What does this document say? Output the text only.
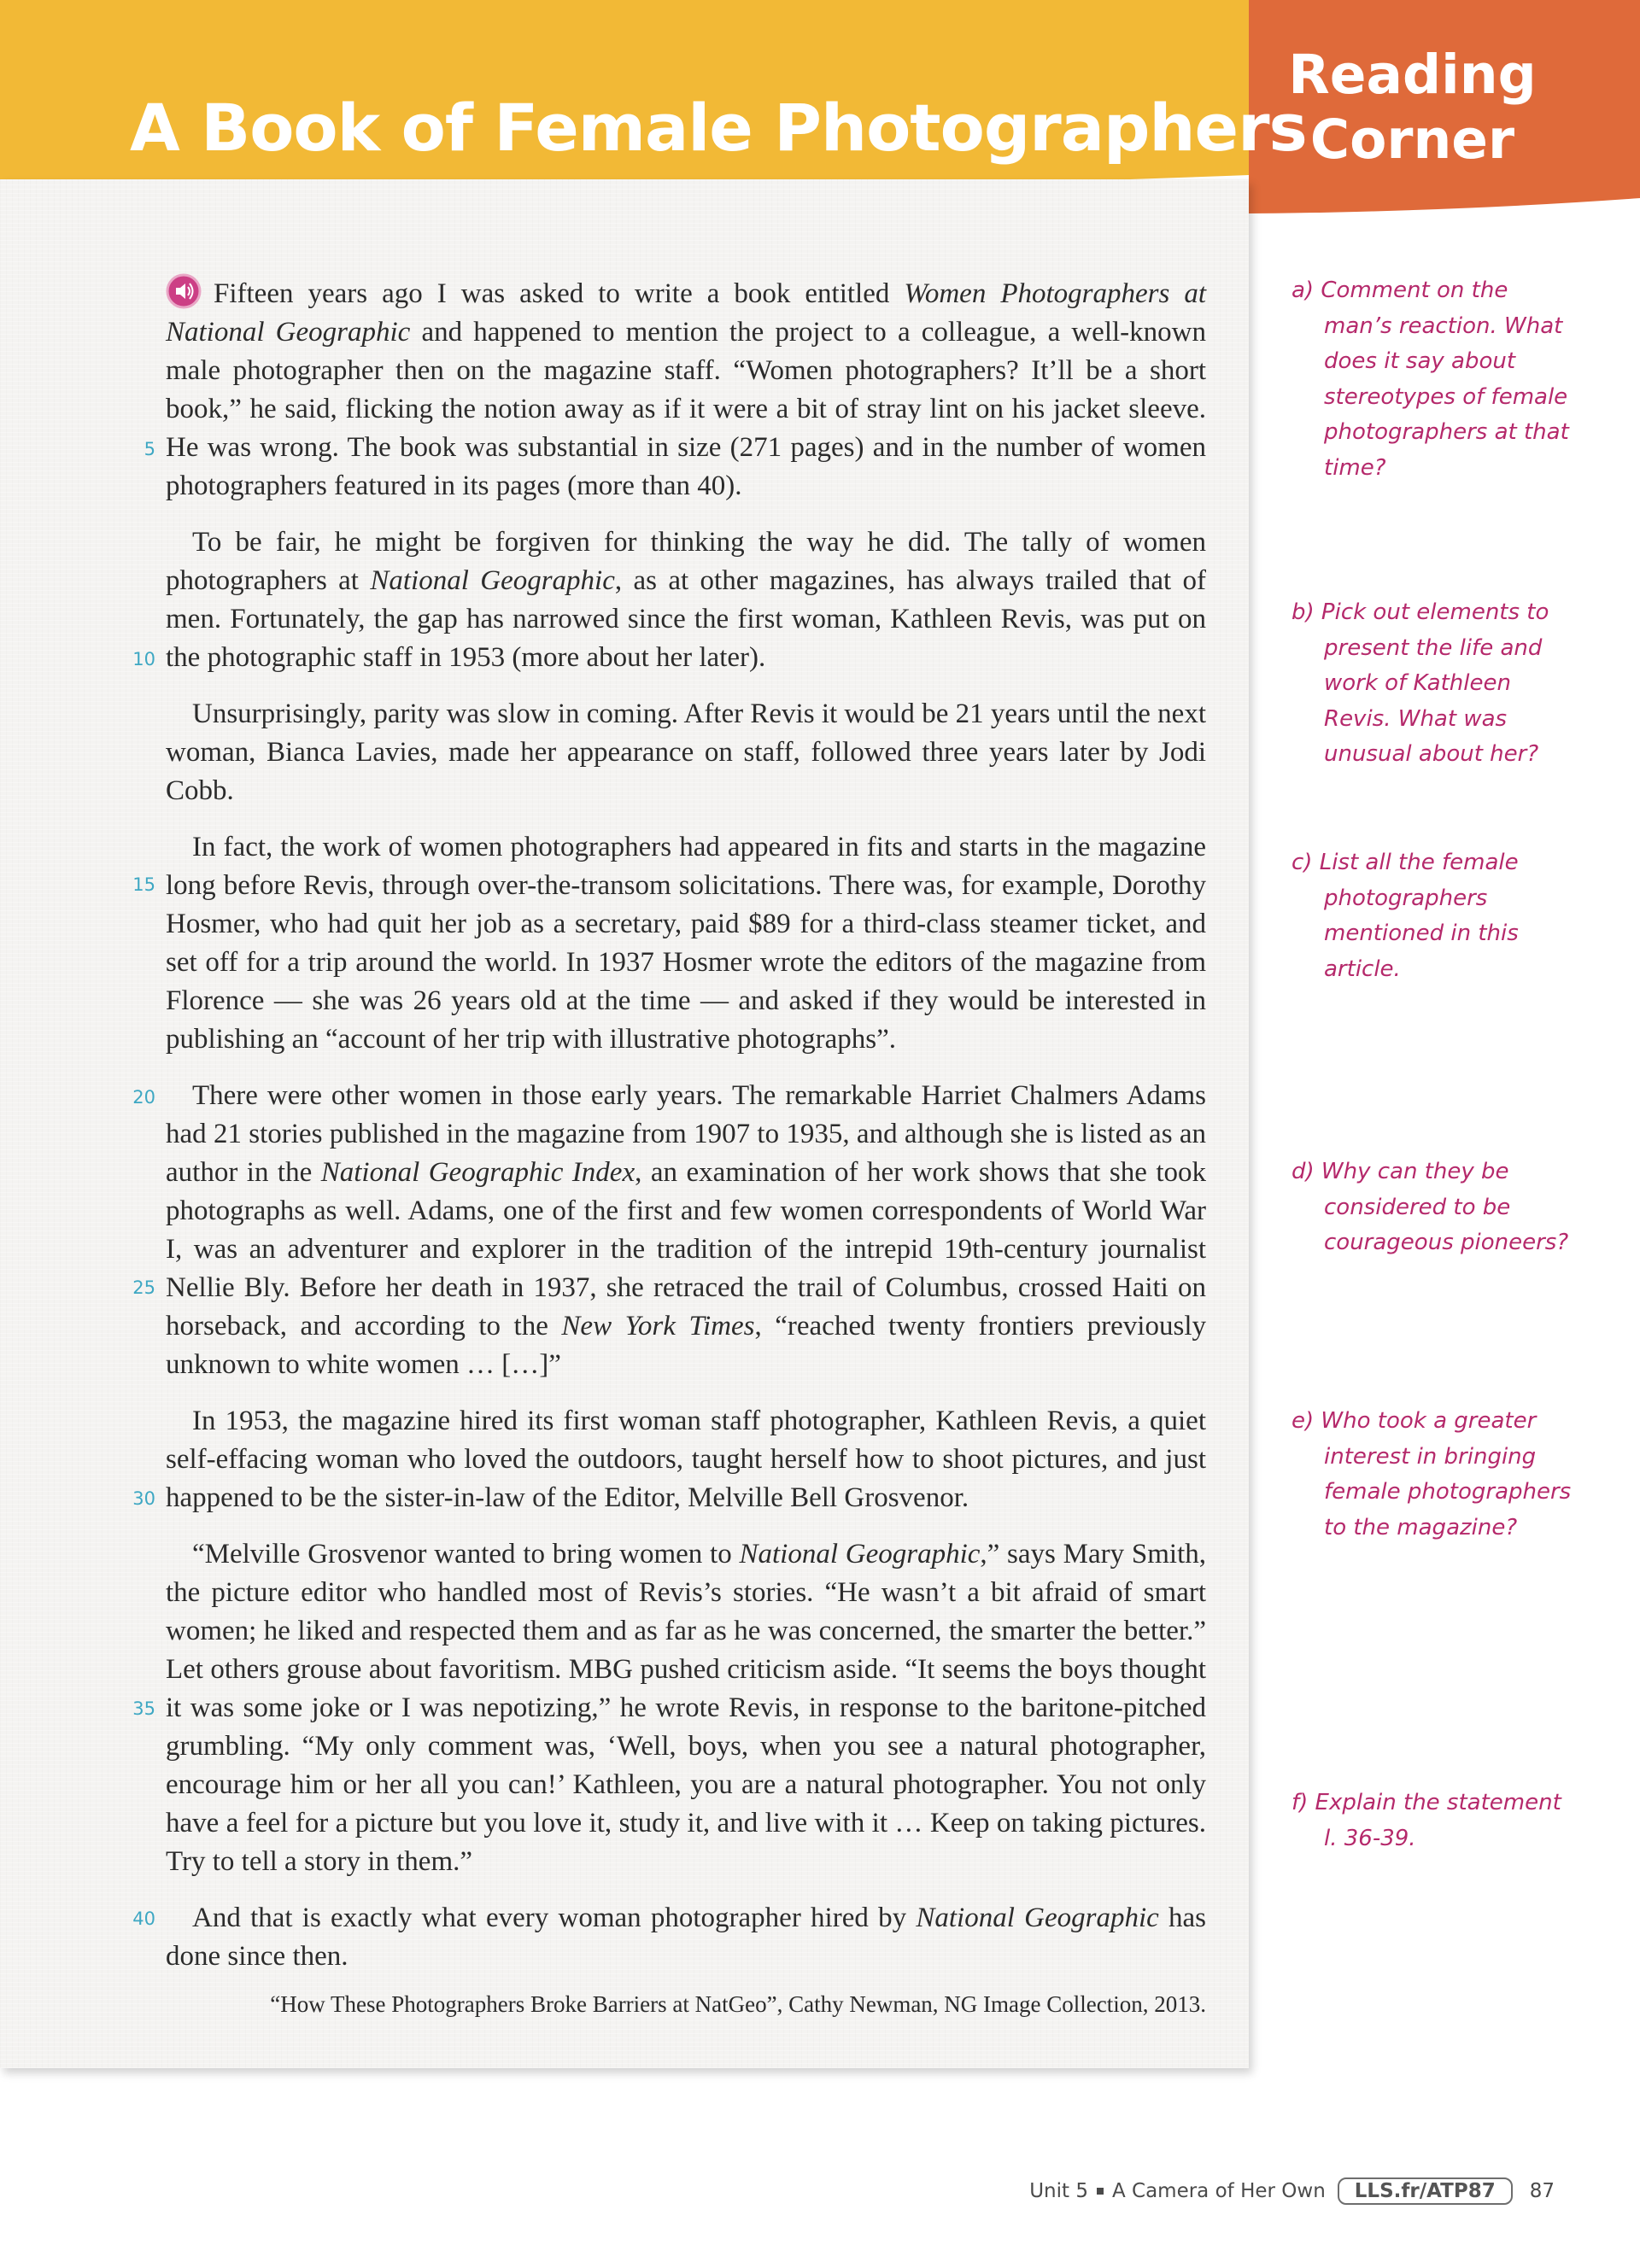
A Book of Female Photographers
Reading
Corner

Fifteen years ago I was asked to write a book entitled Women Photographers at National Geographic and happened to mention the project to a colleague, a well-known male photographer then on the magazine staff. “Women photographers? It’ll be a short book,” he said, flicking the notion away as if it were a bit of stray lint on his jacket sleeve. He was wrong. The book was substantial in size (271 pages) and in the number of women photographers featured in its pages (more than 40).

To be fair, he might be forgiven for thinking the way he did. The tally of women photographers at National Geographic, as at other magazines, has always trailed that of men. Fortunately, the gap has narrowed since the first woman, Kathleen Revis, was put on the photographic staff in 1953 (more about her later).

Unsurprisingly, parity was slow in coming. After Revis it would be 21 years until the next woman, Bianca Lavies, made her appearance on staff, followed three years later by Jodi Cobb.

In fact, the work of women photographers had appeared in fits and starts in the magazine long before Revis, through over-the-transom solicitations. There was, for example, Dorothy Hosmer, who had quit her job as a secretary, paid $89 for a third-class steamer ticket, and set off for a trip around the world. In 1937 Hosmer wrote the editors of the magazine from Florence — she was 26 years old at the time — and asked if they would be interested in publishing an “account of her trip with illustrative photographs”.

There were other women in those early years. The remarkable Harriet Chalmers Adams had 21 stories published in the magazine from 1907 to 1935, and although she is listed as an author in the National Geographic Index, an examination of her work shows that she took photographs as well. Adams, one of the first and few women correspondents of World War I, was an adventurer and explorer in the tradition of the intrepid 19th-century journalist Nellie Bly. Before her death in 1937, she retraced the trail of Columbus, crossed Haiti on horseback, and according to the New York Times, “reached twenty frontiers previously unknown to white women … […]”

In 1953, the magazine hired its first woman staff photographer, Kathleen Revis, a quiet self-effacing woman who loved the outdoors, taught herself how to shoot pictures, and just happened to be the sister-in-law of the Editor, Melville Bell Grosvenor.

“Melville Grosvenor wanted to bring women to National Geographic,” says Mary Smith, the picture editor who handled most of Revis’s stories. “He wasn’t a bit afraid of smart women; he liked and respected them and as far as he was concerned, the smarter the better.” Let others grouse about favoritism. MBG pushed criticism aside. “It seems the boys thought it was some joke or I was nepotizing,” he wrote Revis, in response to the baritone-pitched grumbling. “My only comment was, ‘Well, boys, when you see a natural photographer, encourage him or her all you can!’ Kathleen, you are a natural photographer. You not only have a feel for a picture but you love it, study it, and live with it … Keep on taking pictures. Try to tell a story in them.”

And that is exactly what every woman photographer hired by National Geographic has done since then.

5
10
15
20
25
30
35
40
“How These Photographers Broke Barriers at NatGeo”, Cathy Newman, NG Image Collection, 2013.
a) Comment on the man’s reaction. What does it say about stereotypes of female photographers at that time?
b) Pick out elements to present the life and work of Kathleen Revis. What was unusual about her?
c) List all the female photographers mentioned in this article.
d) Why can they be considered to be courageous pioneers?
e) Who took a greater interest in bringing female photographers to the magazine?
f) Explain the statement l. 36-39.
Unit 5 A Camera of Her Own	LLS.fr/ATP87	87
